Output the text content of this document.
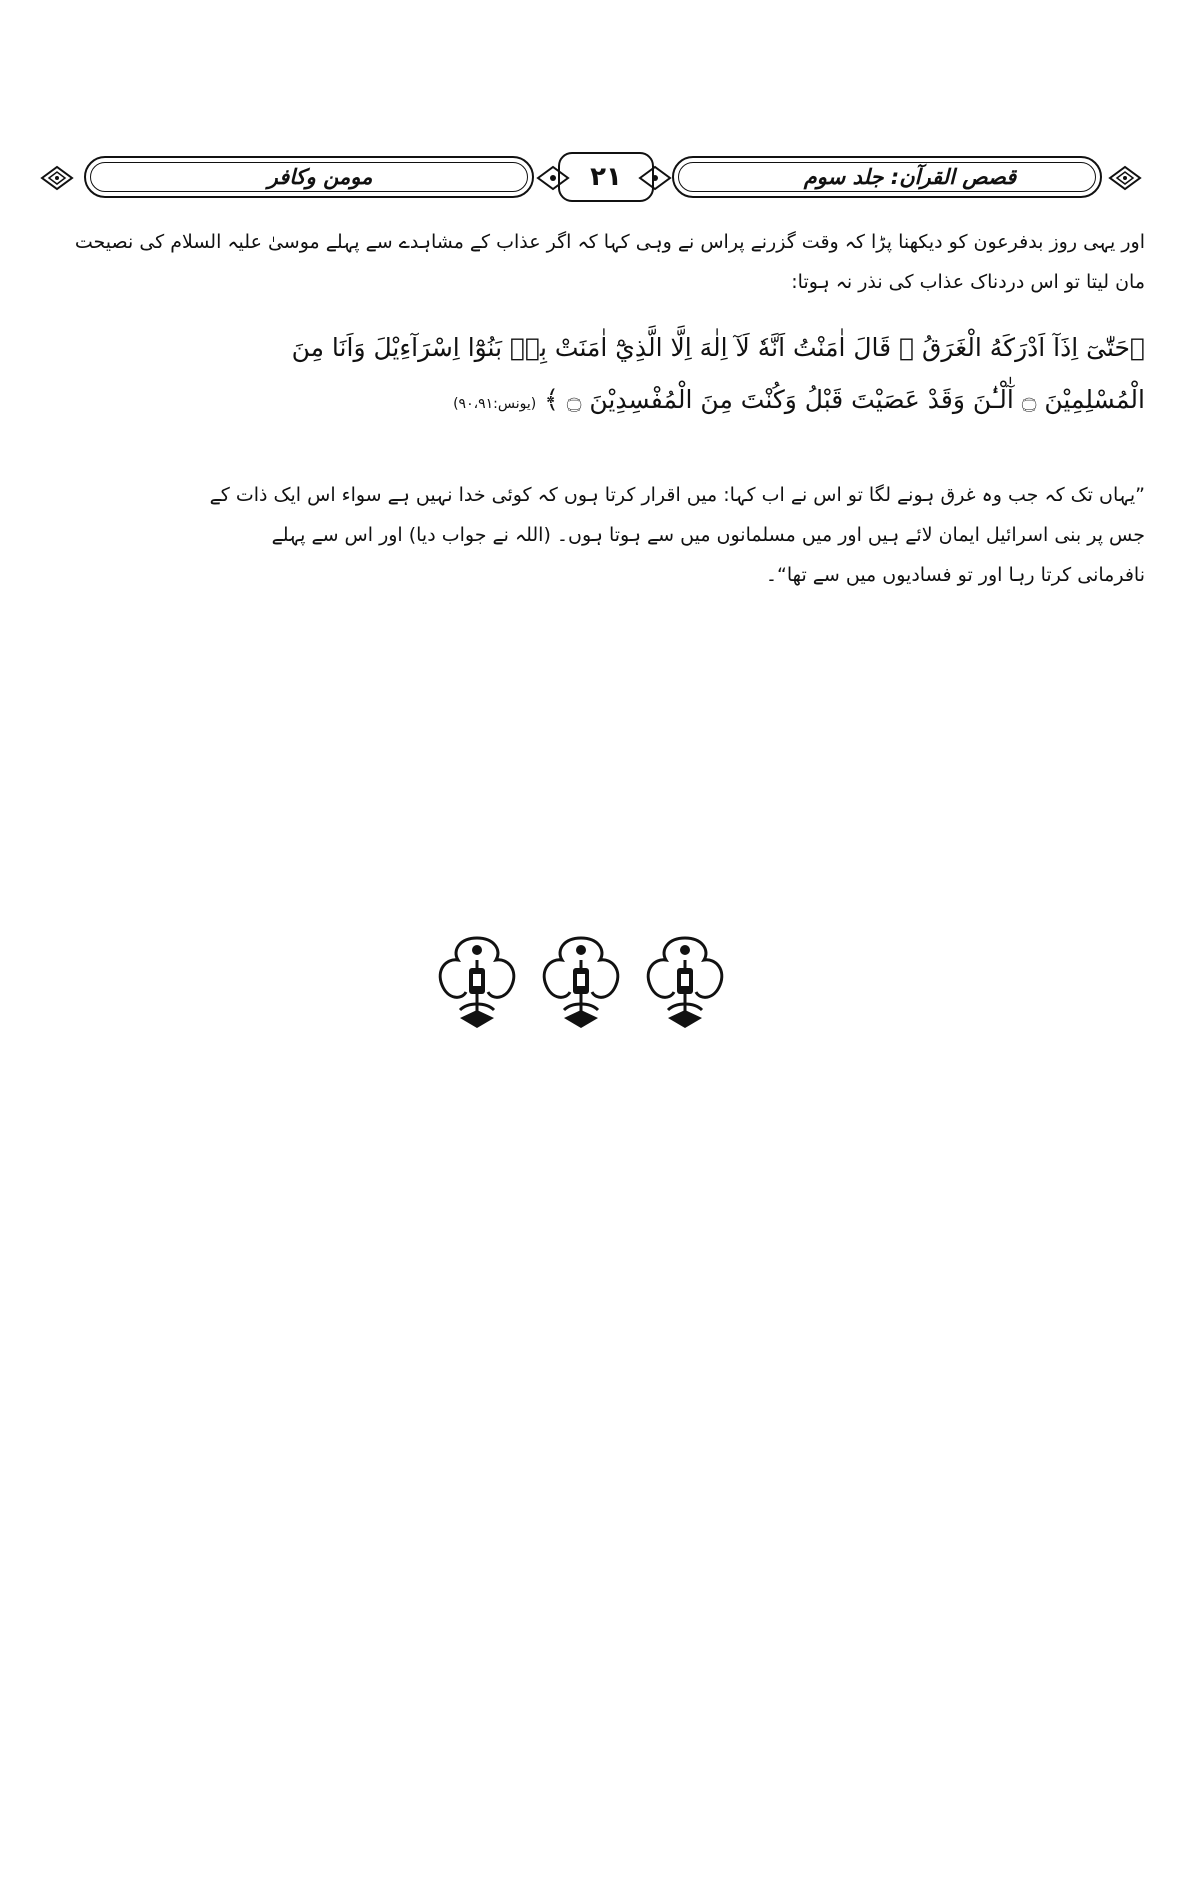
مومن وکافر	۲۱	قصص القرآن: جلد سوم
اور یہی روز بدفرعون کو دیکھنا پڑا کہ وقت گزرنے پراس نے وہی کہا کہ اگر عذاب کے مشاہدے سے پہلے موسیٰ علیہ السلام کی نصیحت
مان لیتا تو اس دردناک عذاب کی نذر نہ ہوتا:
﴿حَتّٰىٓ اِذَآ اَدْرَكَهُ الْغَرَقُ ۙ قَالَ اٰمَنْتُ اَنَّهٗ لَآ اِلٰهَ اِلَّا الَّذِيْٓ اٰمَنَتْ بِهٖ بَنُوْٓا اِسْرَآءِيْلَ وَاَنَا مِنَ
الْمُسْلِمِيْنَ ۝ آٰلْـٰٔنَ وَقَدْ عَصَيْتَ قَبْلُ وَكُنْتَ مِنَ الْمُفْسِدِيْنَ ۝ ﴾ (یونس:۹۰،۹۱)
”یہاں تک کہ جب وہ غرق ہونے لگا تو اس نے اب کہا: میں اقرار کرتا ہوں کہ کوئی خدا نہیں ہے سواء اس ایک ذات کے
جس پر بنی اسرائیل ایمان لائے ہیں اور میں مسلمانوں میں سے ہوتا ہوں۔ (اللہ نے جواب دیا) اور اس سے پہلے
نافرمانی کرتا رہا اور تو فسادیوں میں سے تھا“۔
